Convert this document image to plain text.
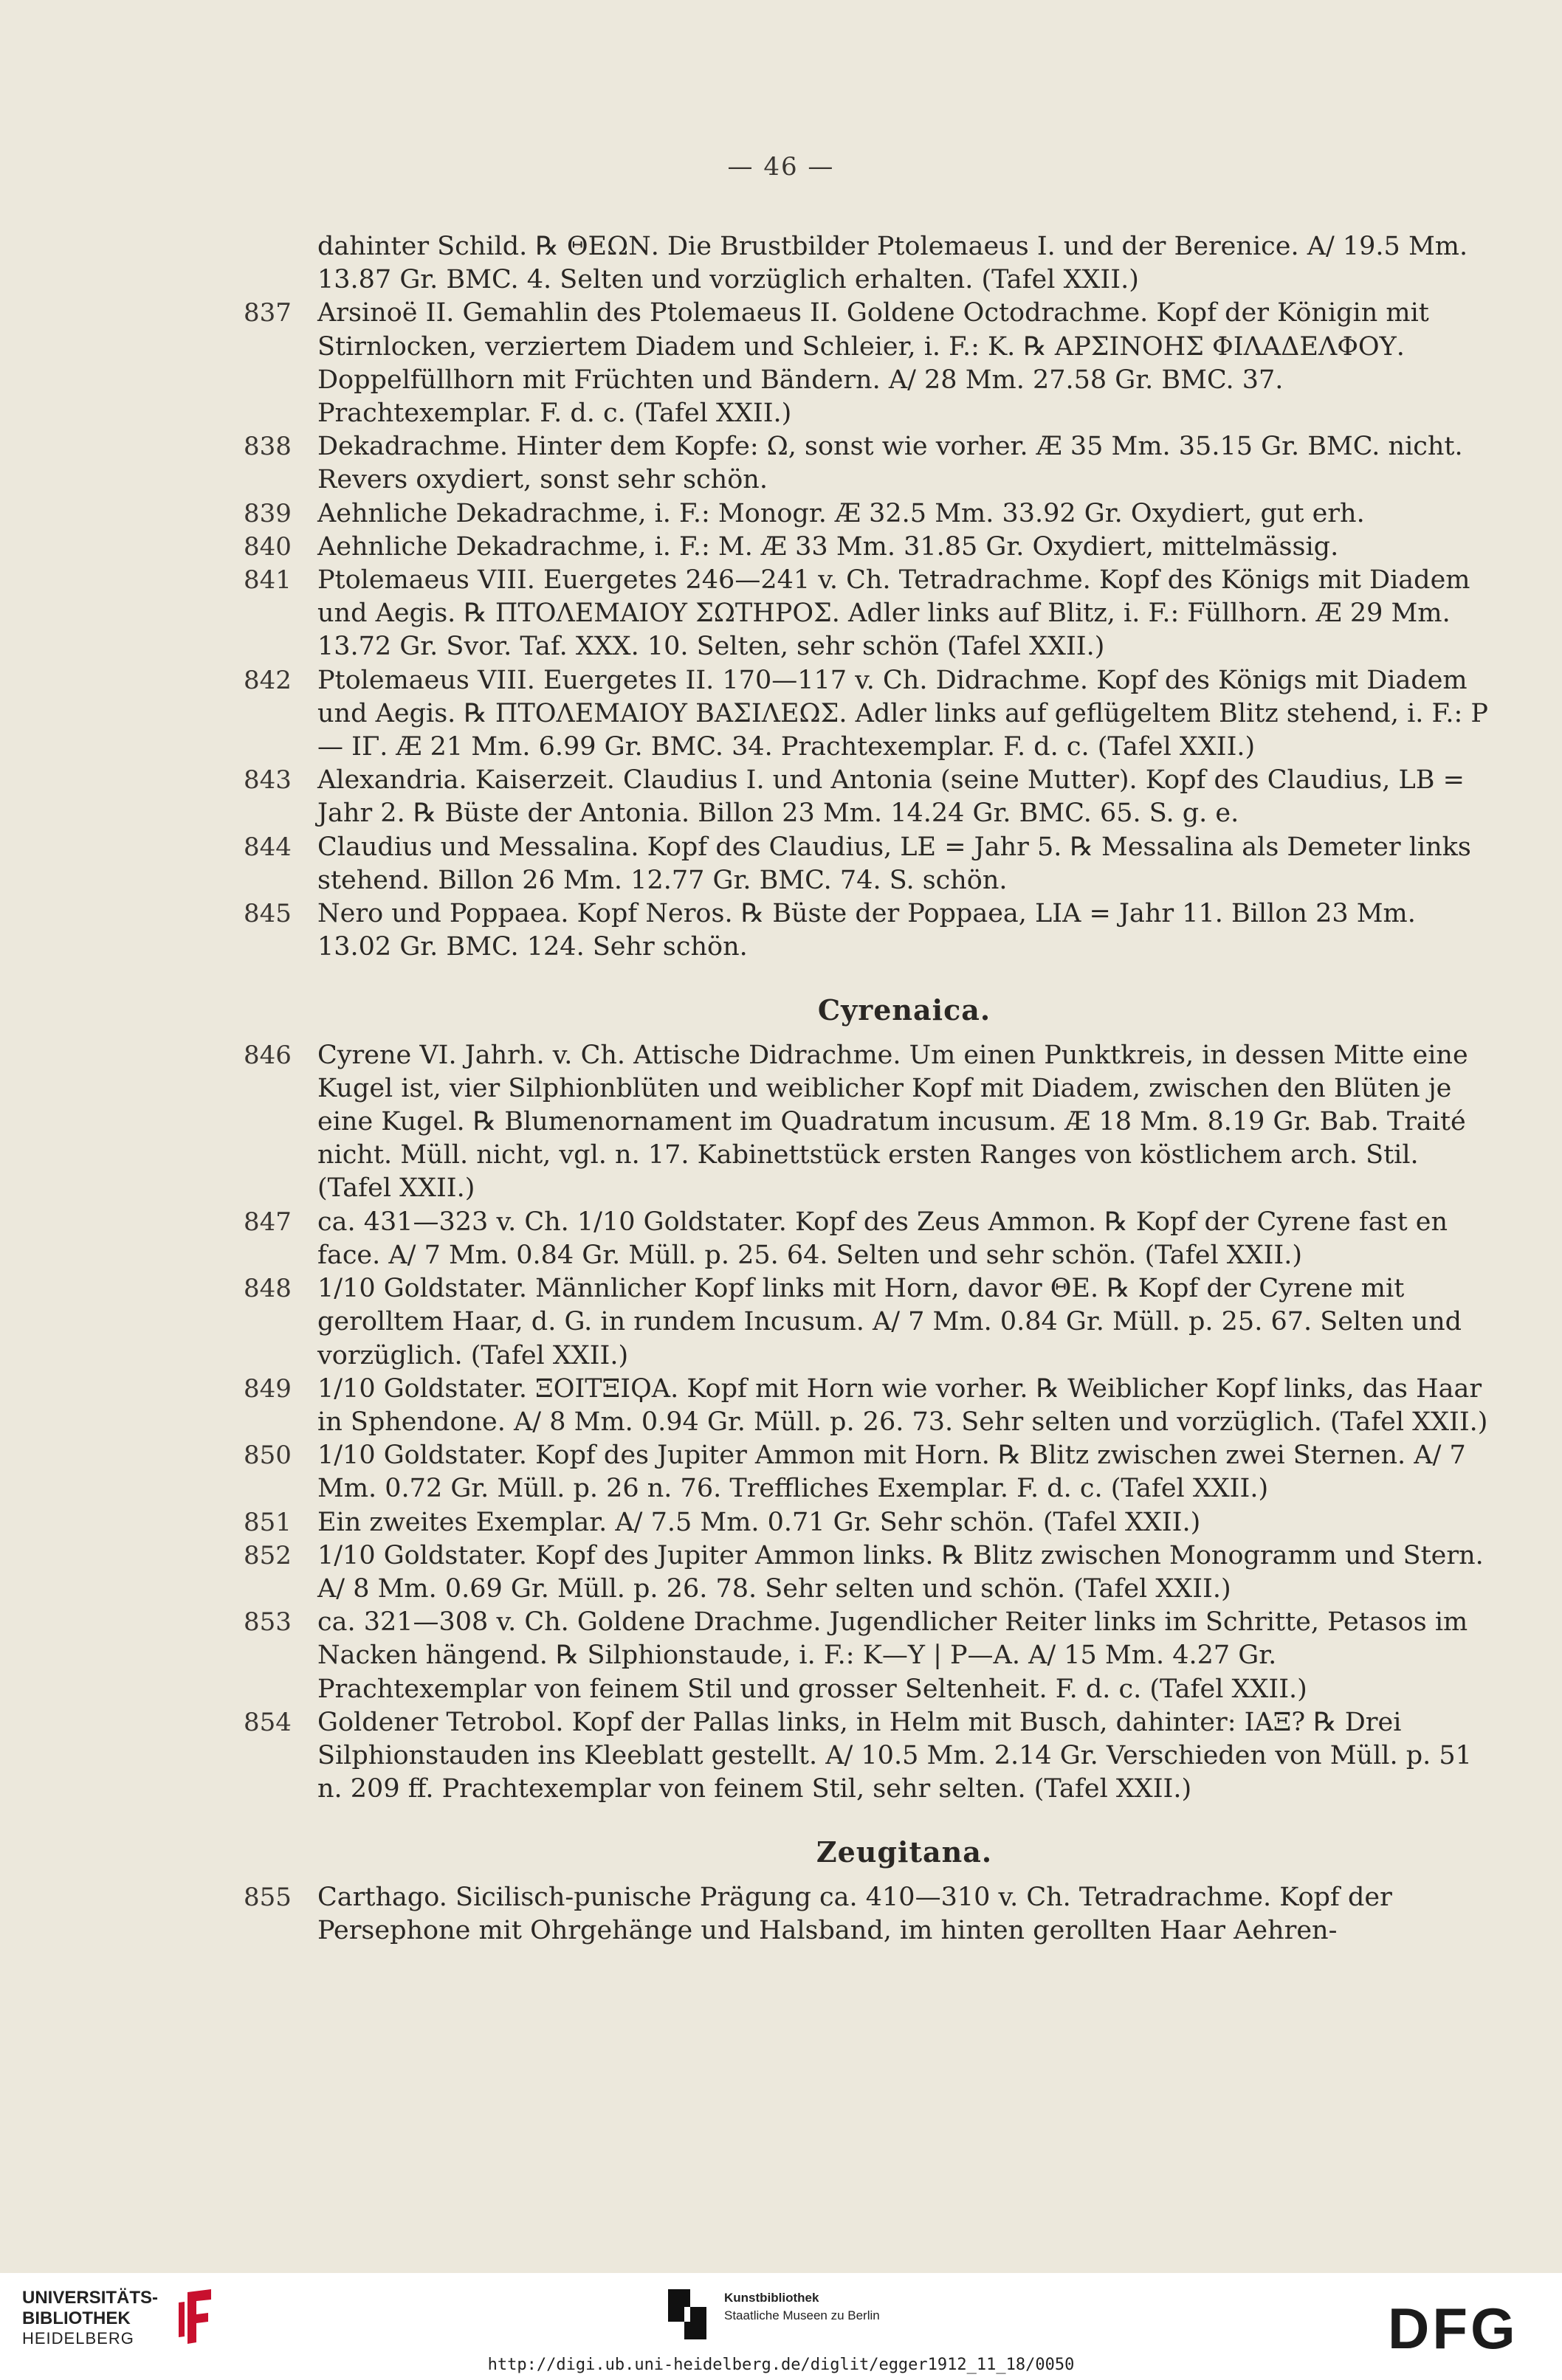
— 46 —

dahinter Schild. ℞ ΘΕΩΝ. Die Brustbilder Ptolemaeus I. und der Berenice. A/ 19.5 Mm. 13.87 Gr. BMC. 4. Selten und vorzüglich erhalten. (Tafel XXII.)

837	Arsinoë II. Gemahlin des Ptolemaeus II. Goldene Octodrachme. Kopf der Königin mit Stirnlocken, verziertem Diadem und Schleier, i. F.: K. ℞ ΑΡΣΙΝΟΗΣ ΦΙΛΑΔΕΛΦΟΥ. Doppelfüllhorn mit Früchten und Bändern. A/ 28 Mm. 27.58 Gr. BMC. 37. Prachtexemplar. F. d. c. (Tafel XXII.)

838	Dekadrachme. Hinter dem Kopfe: Ω, sonst wie vorher. Æ 35 Mm. 35.15 Gr. BMC. nicht. Revers oxydiert, sonst sehr schön.

839	Aehnliche Dekadrachme, i. F.: Monogr. Æ 32.5 Mm. 33.92 Gr. Oxydiert, gut erh.

840	Aehnliche Dekadrachme, i. F.: M. Æ 33 Mm. 31.85 Gr. Oxydiert, mittelmässig.

841	Ptolemaeus VIII. Euergetes 246—241 v. Ch. Tetradrachme. Kopf des Königs mit Diadem und Aegis. ℞ ΠΤΟΛΕΜΑΙΟΥ ΣΩΤΗΡΟΣ. Adler links auf Blitz, i. F.: Füllhorn. Æ 29 Mm. 13.72 Gr. Svor. Taf. XXX. 10. Selten, sehr schön (Tafel XXII.)

842	Ptolemaeus VIII. Euergetes II. 170—117 v. Ch. Didrachme. Kopf des Königs mit Diadem und Aegis. ℞ ΠΤΟΛΕΜΑΙΟΥ ΒΑΣΙΛΕΩΣ. Adler links auf geflügeltem Blitz stehend, i. F.: P — IΓ. Æ 21 Mm. 6.99 Gr. BMC. 34. Prachtexemplar. F. d. c. (Tafel XXII.)

843	Alexandria. Kaiserzeit. Claudius I. und Antonia (seine Mutter). Kopf des Claudius, LB = Jahr 2. ℞ Büste der Antonia. Billon 23 Mm. 14.24 Gr. BMC. 65. S. g. e.

844	Claudius und Messalina. Kopf des Claudius, LE = Jahr 5. ℞ Messalina als Demeter links stehend. Billon 26 Mm. 12.77 Gr. BMC. 74. S. schön.

845	Nero und Poppaea. Kopf Neros. ℞ Büste der Poppaea, LIA = Jahr 11. Billon 23 Mm. 13.02 Gr. BMC. 124. Sehr schön.

Cyrenaica.

846	Cyrene VI. Jahrh. v. Ch. Attische Didrachme. Um einen Punktkreis, in dessen Mitte eine Kugel ist, vier Silphionblüten und weiblicher Kopf mit Diadem, zwischen den Blüten je eine Kugel. ℞ Blumenornament im Quadratum incusum. Æ 18 Mm. 8.19 Gr. Bab. Traité nicht. Müll. nicht, vgl. n. 17. Kabinettstück ersten Ranges von köstlichem arch. Stil. (Tafel XXII.)

847	ca. 431—323 v. Ch. 1/10 Goldstater. Kopf des Zeus Ammon. ℞ Kopf der Cyrene fast en face. A/ 7 Mm. 0.84 Gr. Müll. p. 25. 64. Selten und sehr schön. (Tafel XXII.)

848	1/10 Goldstater. Männlicher Kopf links mit Horn, davor ΘΕ. ℞ Kopf der Cyrene mit gerolltem Haar, d. G. in rundem Incusum. A/ 7 Mm. 0.84 Gr. Müll. p. 25. 67. Selten und vorzüglich. (Tafel XXII.)

849	1/10 Goldstater. ΞΟΙΤΞΙϘΑ. Kopf mit Horn wie vorher. ℞ Weiblicher Kopf links, das Haar in Sphendone. A/ 8 Mm. 0.94 Gr. Müll. p. 26. 73. Sehr selten und vorzüglich. (Tafel XXII.)

850	1/10 Goldstater. Kopf des Jupiter Ammon mit Horn. ℞ Blitz zwischen zwei Sternen. A/ 7 Mm. 0.72 Gr. Müll. p. 26 n. 76. Treffliches Exemplar. F. d. c. (Tafel XXII.)

851	Ein zweites Exemplar. A/ 7.5 Mm. 0.71 Gr. Sehr schön. (Tafel XXII.)

852	1/10 Goldstater. Kopf des Jupiter Ammon links. ℞ Blitz zwischen Monogramm und Stern. A/ 8 Mm. 0.69 Gr. Müll. p. 26. 78. Sehr selten und schön. (Tafel XXII.)

853	ca. 321—308 v. Ch. Goldene Drachme. Jugendlicher Reiter links im Schritte, Petasos im Nacken hängend. ℞ Silphionstaude, i. F.: K—Y | P—A. A/ 15 Mm. 4.27 Gr. Prachtexemplar von feinem Stil und grosser Seltenheit. F. d. c. (Tafel XXII.)

854	Goldener Tetrobol. Kopf der Pallas links, in Helm mit Busch, dahinter: IAΞ? ℞ Drei Silphionstauden ins Kleeblatt gestellt. A/ 10.5 Mm. 2.14 Gr. Verschieden von Müll. p. 51 n. 209 ff. Prachtexemplar von feinem Stil, sehr selten. (Tafel XXII.)

Zeugitana.

855	Carthago. Sicilisch-punische Prägung ca. 410—310 v. Ch. Tetradrachme. Kopf der Persephone mit Ohrgehänge und Halsband, im hinten gerollten Haar Aehren-

UNIVERSITÄTS-
BIBLIOTHEK
HEIDELBERG
Kunstbibliothek
Staatliche Museen zu Berlin	DFG
http://digi.ub.uni-heidelberg.de/diglit/egger1912_11_18/0050
